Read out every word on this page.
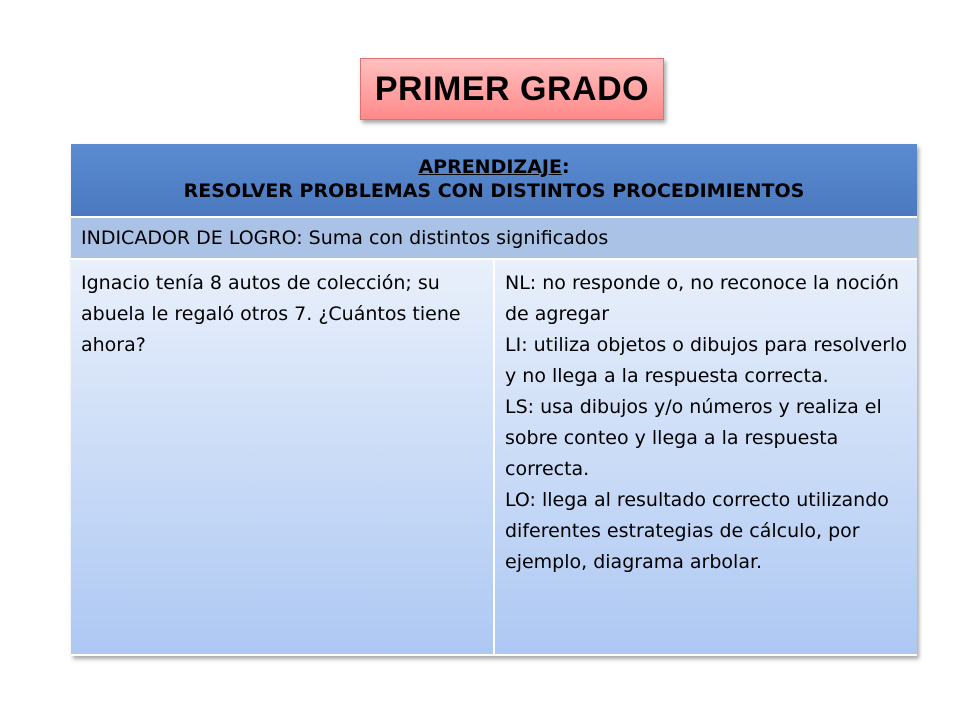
PRIMER GRADO
APRENDIZAJE:
RESOLVER PROBLEMAS CON DISTINTOS PROCEDIMIENTOS
INDICADOR DE LOGRO: Suma con distintos significados
Ignacio tenía 8 autos de colección; su abuela le regaló otros 7. ¿Cuántos tiene ahora?

NL: no responde o, no reconoce la noción de agregar

LI: utiliza objetos o dibujos para resolverlo y no llega a la respuesta correcta.

LS: usa dibujos y/o números y realiza el sobre conteo y llega a la respuesta correcta.

LO: llega al resultado correcto utilizando diferentes estrategias de cálculo, por ejemplo, diagrama arbolar.
